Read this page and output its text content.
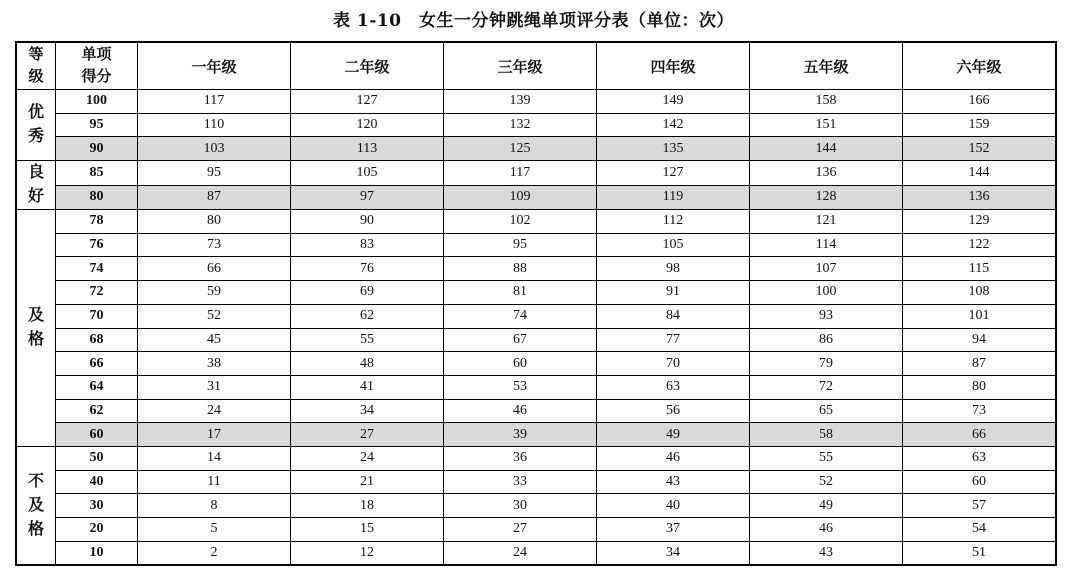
表 1-10　女生一分钟跳绳单项评分表（单位：次）
等级	单项得分	一年级	二年级	三年级	四年级	五年级	六年级
优秀	100	117	127	139	149	158	166
	95	110	120	132	142	151	159
	90	103	113	125	135	144	152
良好	85	95	105	117	127	136	144
	80	87	97	109	119	128	136
及格	78	80	90	102	112	121	129
	76	73	83	95	105	114	122
	74	66	76	88	98	107	115
	72	59	69	81	91	100	108
	70	52	62	74	84	93	101
	68	45	55	67	77	86	94
	66	38	48	60	70	79	87
	64	31	41	53	63	72	80
	62	24	34	46	56	65	73
	60	17	27	39	49	58	66
不及格	50	14	24	36	46	55	63
	40	11	21	33	43	52	60
	30	8	18	30	40	49	57
	20	5	15	27	37	46	54
	10	2	12	24	34	43	51
